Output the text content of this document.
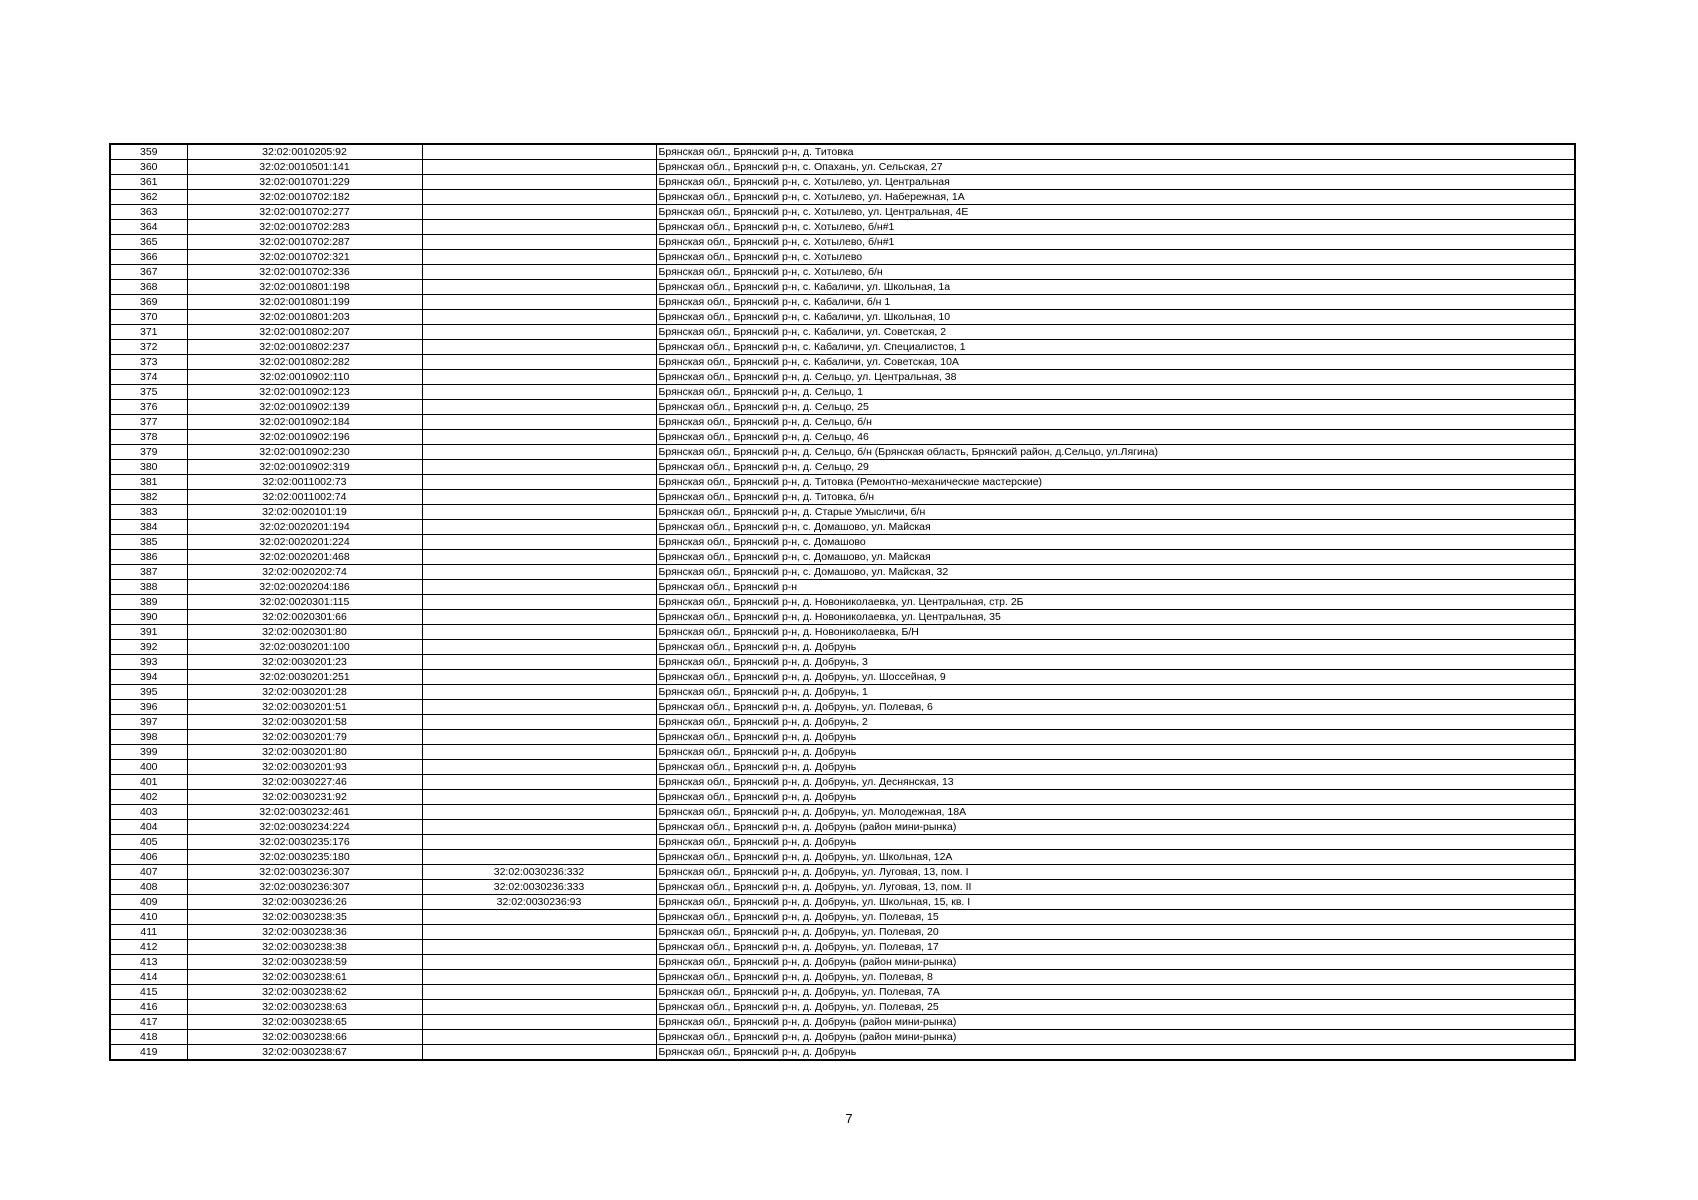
359	32:02:0010205:92		Брянская обл., Брянский р-н, д. Титовка
360	32:02:0010501:141		Брянская обл., Брянский р-н, с. Опахань, ул. Сельская, 27
361	32:02:0010701:229		Брянская обл., Брянский р-н, с. Хотылево, ул. Центральная
362	32:02:0010702:182		Брянская обл., Брянский р-н, с. Хотылево, ул. Набережная, 1А
363	32:02:0010702:277		Брянская обл., Брянский р-н, с. Хотылево, ул. Центральная, 4Е
364	32:02:0010702:283		Брянская обл., Брянский р-н, с. Хотылево, б/н#1
365	32:02:0010702:287		Брянская обл., Брянский р-н, с. Хотылево, б/н#1
366	32:02:0010702:321		Брянская обл., Брянский р-н, с. Хотылево
367	32:02:0010702:336		Брянская обл., Брянский р-н, с. Хотылево, б/н
368	32:02:0010801:198		Брянская обл., Брянский р-н, с. Кабаличи, ул. Школьная, 1а
369	32:02:0010801:199		Брянская обл., Брянский р-н, с. Кабаличи, б/н 1
370	32:02:0010801:203		Брянская обл., Брянский р-н, с. Кабаличи, ул. Школьная, 10
371	32:02:0010802:207		Брянская обл., Брянский р-н, с. Кабаличи, ул. Советская, 2
372	32:02:0010802:237		Брянская обл., Брянский р-н, с. Кабаличи, ул. Специалистов, 1
373	32:02:0010802:282		Брянская обл., Брянский р-н, с. Кабаличи, ул. Советская, 10А
374	32:02:0010902:110		Брянская обл., Брянский р-н, д. Сельцо, ул. Центральная, 38
375	32:02:0010902:123		Брянская обл., Брянский р-н, д. Сельцо, 1
376	32:02:0010902:139		Брянская обл., Брянский р-н, д. Сельцо, 25
377	32:02:0010902:184		Брянская обл., Брянский р-н, д. Сельцо, б/н
378	32:02:0010902:196		Брянская обл., Брянский р-н, д. Сельцо, 46
379	32:02:0010902:230		Брянская обл., Брянский р-н, д. Сельцо, б/н (Брянская область, Брянский район, д.Сельцо, ул.Лягина)
380	32:02:0010902:319		Брянская обл., Брянский р-н, д. Сельцо, 29
381	32:02:0011002:73		Брянская обл., Брянский р-н, д. Титовка (Ремонтно-механические мастерские)
382	32:02:0011002:74		Брянская обл., Брянский р-н, д. Титовка, б/н
383	32:02:0020101:19		Брянская обл., Брянский р-н, д. Старые Умысличи, б/н
384	32:02:0020201:194		Брянская обл., Брянский р-н, с. Домашово, ул. Майская
385	32:02:0020201:224		Брянская обл., Брянский р-н, с. Домашово
386	32:02:0020201:468		Брянская обл., Брянский р-н, с. Домашово, ул. Майская
387	32:02:0020202:74		Брянская обл., Брянский р-н, с. Домашово, ул. Майская, 32
388	32:02:0020204:186		Брянская обл., Брянский р-н
389	32:02:0020301:115		Брянская обл., Брянский р-н, д. Новониколаевка, ул. Центральная, стр. 2Б
390	32:02:0020301:66		Брянская обл., Брянский р-н, д. Новониколаевка, ул. Центральная, 35
391	32:02:0020301:80		Брянская обл., Брянский р-н, д. Новониколаевка, Б/Н
392	32:02:0030201:100		Брянская обл., Брянский р-н, д. Добрунь
393	32:02:0030201:23		Брянская обл., Брянский р-н, д. Добрунь, 3
394	32:02:0030201:251		Брянская обл., Брянский р-н, д. Добрунь, ул. Шоссейная, 9
395	32:02:0030201:28		Брянская обл., Брянский р-н, д. Добрунь, 1
396	32:02:0030201:51		Брянская обл., Брянский р-н, д. Добрунь, ул. Полевая, 6
397	32:02:0030201:58		Брянская обл., Брянский р-н, д. Добрунь, 2
398	32:02:0030201:79		Брянская обл., Брянский р-н, д. Добрунь
399	32:02:0030201:80		Брянская обл., Брянский р-н, д. Добрунь
400	32:02:0030201:93		Брянская обл., Брянский р-н, д. Добрунь
401	32:02:0030227:46		Брянская обл., Брянский р-н, д. Добрунь, ул. Деснянская, 13
402	32:02:0030231:92		Брянская обл., Брянский р-н, д. Добрунь
403	32:02:0030232:461		Брянская обл., Брянский р-н, д. Добрунь, ул. Молодежная, 18А
404	32:02:0030234:224		Брянская обл., Брянский р-н, д. Добрунь (район мини-рынка)
405	32:02:0030235:176		Брянская обл., Брянский р-н, д. Добрунь
406	32:02:0030235:180		Брянская обл., Брянский р-н, д. Добрунь, ул. Школьная, 12А
407	32:02:0030236:307	32:02:0030236:332	Брянская обл., Брянский р-н, д. Добрунь, ул. Луговая, 13, пом. I
408	32:02:0030236:307	32:02:0030236:333	Брянская обл., Брянский р-н, д. Добрунь, ул. Луговая, 13, пом. II
409	32:02:0030236:26	32:02:0030236:93	Брянская обл., Брянский р-н, д. Добрунь, ул. Школьная, 15, кв. I
410	32:02:0030238:35		Брянская обл., Брянский р-н, д. Добрунь, ул. Полевая, 15
411	32:02:0030238:36		Брянская обл., Брянский р-н, д. Добрунь, ул. Полевая, 20
412	32:02:0030238:38		Брянская обл., Брянский р-н, д. Добрунь, ул. Полевая, 17
413	32:02:0030238:59		Брянская обл., Брянский р-н, д. Добрунь (район мини-рынка)
414	32:02:0030238:61		Брянская обл., Брянский р-н, д. Добрунь, ул. Полевая, 8
415	32:02:0030238:62		Брянская обл., Брянский р-н, д. Добрунь, ул. Полевая, 7А
416	32:02:0030238:63		Брянская обл., Брянский р-н, д. Добрунь, ул. Полевая, 25
417	32:02:0030238:65		Брянская обл., Брянский р-н, д. Добрунь (район мини-рынка)
418	32:02:0030238:66		Брянская обл., Брянский р-н, д. Добрунь (район мини-рынка)
419	32:02:0030238:67		Брянская обл., Брянский р-н, д. Добрунь
7
